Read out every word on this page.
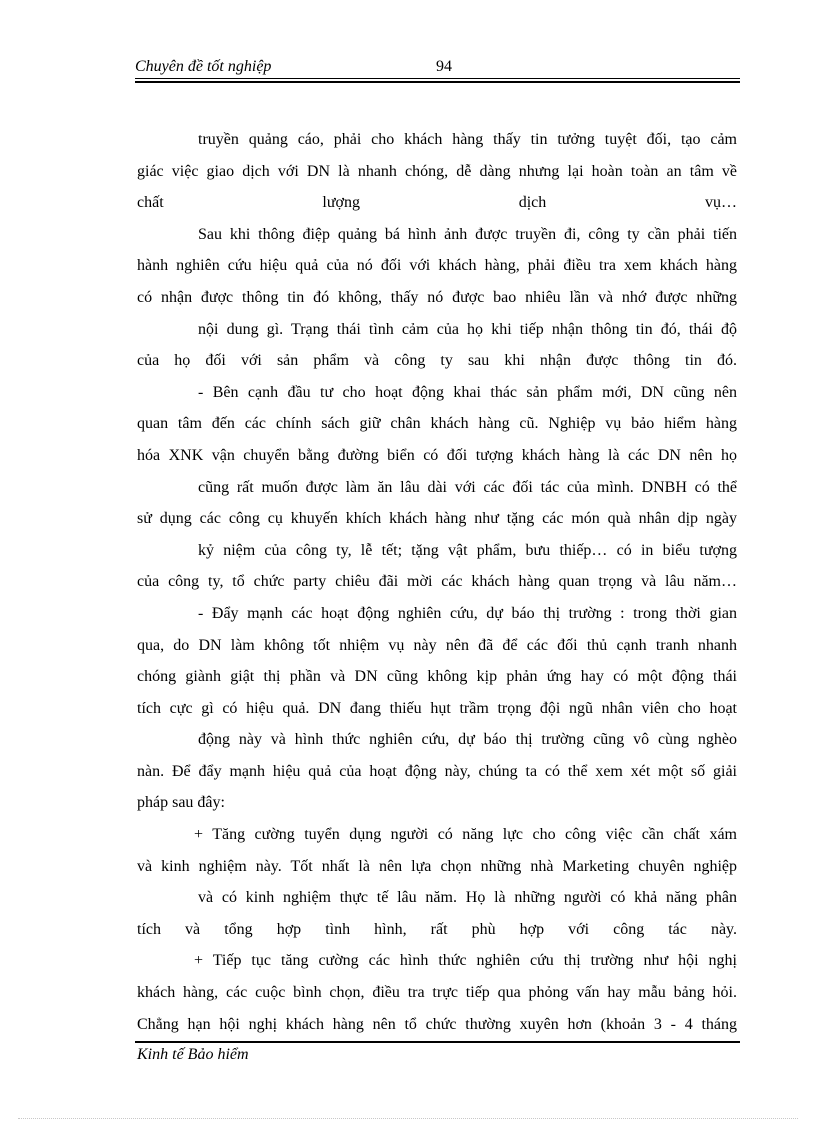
Chuyên đề tốt nghiệp	94
truyền quảng cáo, phải cho khách hàng thấy tin tưởng tuyệt đối, tạo cảm
giác việc giao dịch với DN là nhanh chóng, dễ dàng nhưng lại hoàn toàn an tâm về
chất lượng dịch vụ…
Sau khi thông điệp quảng bá hình ảnh được truyền đi, công ty cần phải tiến
hành nghiên cứu hiệu quả của nó đối với khách hàng, phải điều tra xem khách hàng
có nhận được thông tin đó không, thấy nó được bao nhiêu lần và nhớ được những
nội dung gì. Trạng thái tình cảm của họ khi tiếp nhận thông tin đó, thái độ
của họ đối với sản phẩm và công ty sau khi nhận được thông tin đó.
- Bên cạnh đầu tư cho hoạt động khai thác sản phẩm mới, DN cũng nên
quan tâm đến các chính sách giữ chân khách hàng cũ. Nghiệp vụ bảo hiểm hàng
hóa XNK vận chuyển bằng đường biển có đối tượng khách hàng là các DN nên họ
cũng rất muốn được làm ăn lâu dài với các đối tác của mình. DNBH có thể
sử dụng các công cụ khuyến khích khách hàng như tặng các món quà nhân dịp ngày
kỷ niệm của công ty, lễ tết; tặng vật phẩm, bưu thiếp… có in biểu tượng
của công ty, tổ chức party chiêu đãi mời các khách hàng quan trọng và lâu năm…
- Đẩy mạnh các hoạt động nghiên cứu, dự báo thị trường : trong thời gian
qua, do DN làm không tốt nhiệm vụ này nên đã để các đối thủ cạnh tranh nhanh
chóng giành giật thị phần và DN cũng không kịp phản ứng hay có một động thái
tích cực gì có hiệu quả. DN đang thiếu hụt trầm trọng đội ngũ nhân viên cho hoạt
động này và hình thức nghiên cứu, dự báo thị trường cũng vô cùng nghèo
nàn. Để đẩy mạnh hiệu quả của hoạt động này, chúng ta có thể xem xét một số giải
pháp sau đây:
+ Tăng cường tuyển dụng người có năng lực cho công việc cần chất xám
và kinh nghiệm này. Tốt nhất là nên lựa chọn những nhà Marketing chuyên nghiệp
và có kinh nghiệm thực tế lâu năm. Họ là những người có khả năng phân
tích và tổng hợp tình hình, rất phù hợp với công tác này.
+ Tiếp tục tăng cường các hình thức nghiên cứu thị trường như hội nghị
khách hàng, các cuộc bình chọn, điều tra trực tiếp qua phỏng vấn hay mẫu bảng hỏi.
Chẳng hạn hội nghị khách hàng nên tổ chức thường xuyên hơn (khoản 3 - 4 tháng
Kinh tế Bảo hiểm
